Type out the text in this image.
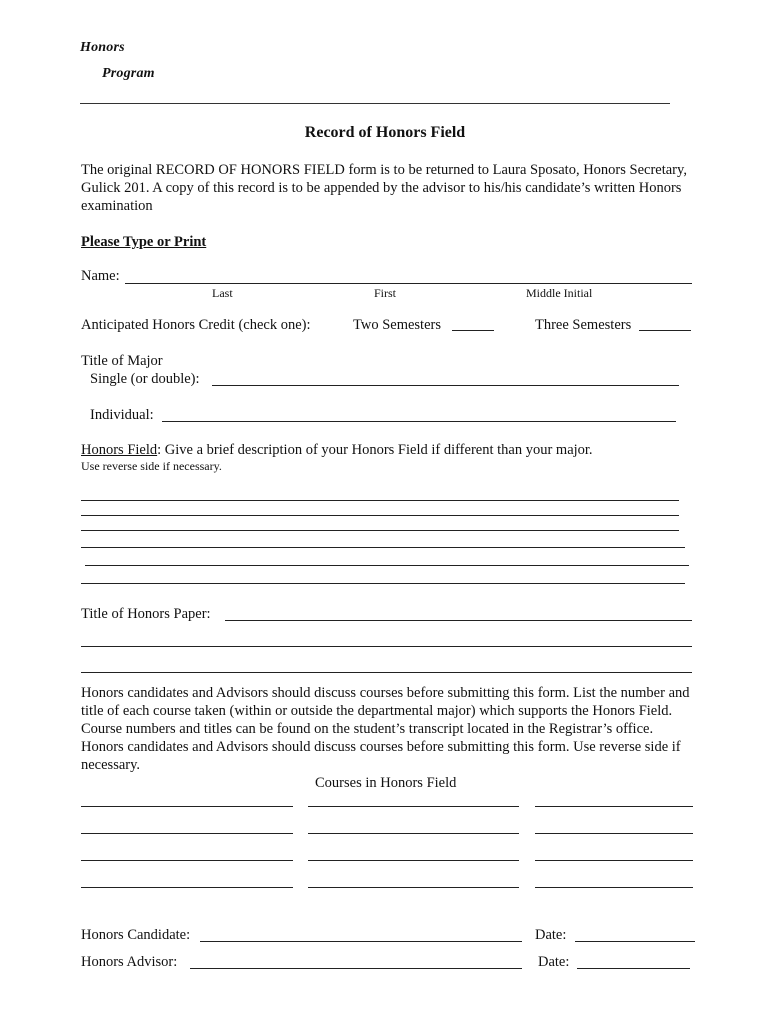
Honors
Program
Record of Honors Field
The original RECORD OF HONORS FIELD form is to be returned to Laura Sposato, Honors Secretary, Gulick 201. A copy of this record is to be appended by the advisor to his/his candidate’s written Honors examination
Please Type or Print
Name:
Last	First	Middle Initial
Anticipated Honors Credit (check one):	Two Semesters	Three Semesters
Title of Major
Single (or double):
Individual:
Honors Field: Give a brief description of your Honors Field if different than your major.
Use reverse side if necessary.
Title of Honors Paper:
Honors candidates and Advisors should discuss courses before submitting this form. List the number and title of each course taken (within or outside the departmental major) which supports the Honors Field. Course numbers and titles can be found on the student’s transcript located in the Registrar’s office. Honors candidates and Advisors should discuss courses before submitting this form. Use reverse side if necessary.
Courses in Honors Field
Honors Candidate:	Date:
Honors Advisor:	Date:
